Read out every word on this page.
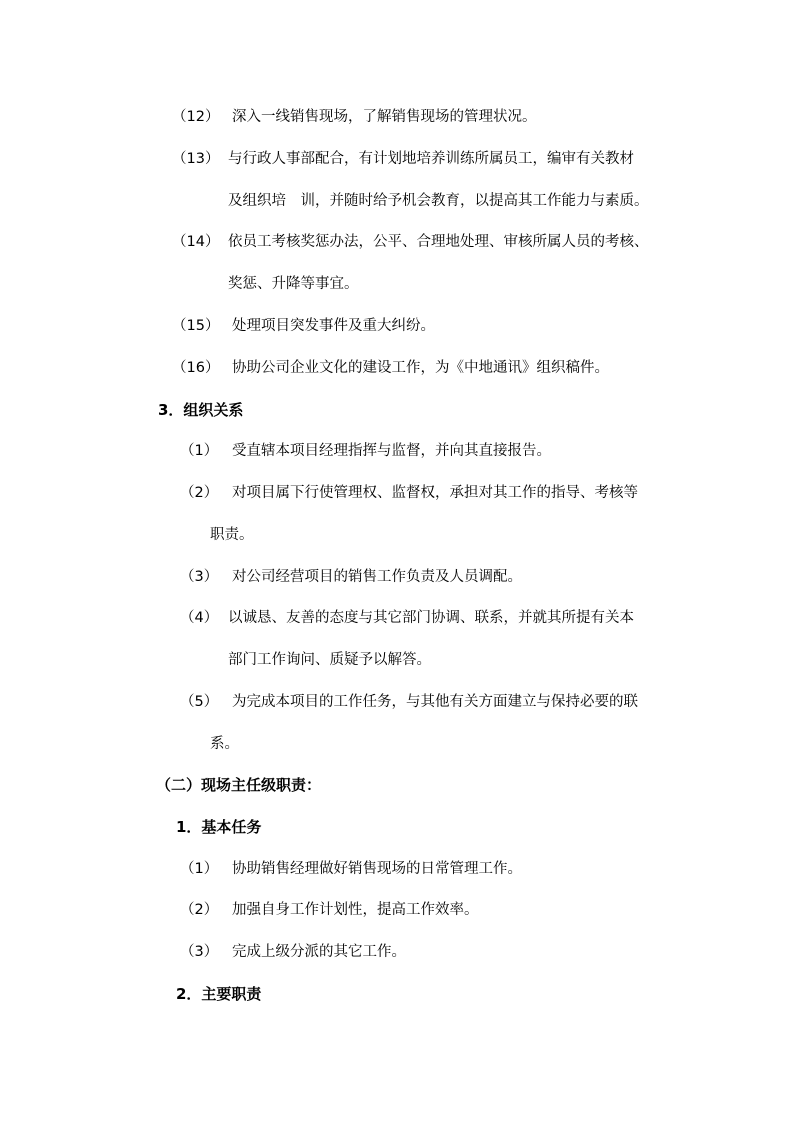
（12） 深入一线销售现场，了解销售现场的管理状况。
（13） 与行政人事部配合，有计划地培养训练所属员工，编审有关教材
及组织培　训，并随时给予机会教育，以提高其工作能力与素质。
（14） 依员工考核奖惩办法，公平、合理地处理、审核所属人员的考核、
奖惩、升降等事宜。
（15） 处理项目突发事件及重大纠纷。
（16） 协助公司企业文化的建设工作，为《中地通讯》组织稿件。
3．组织关系
（1） 受直辖本项目经理指挥与监督，并向其直接报告。
（2） 对项目属下行使管理权、监督权，承担对其工作的指导、考核等
职责。
（3） 对公司经营项目的销售工作负责及人员调配。
（4） 以诚恳、友善的态度与其它部门协调、联系，并就其所提有关本
部门工作询问、质疑予以解答。
（5） 为完成本项目的工作任务，与其他有关方面建立与保持必要的联
系。
（二）现场主任级职责：
1．基本任务
（1） 协助销售经理做好销售现场的日常管理工作。
（2） 加强自身工作计划性，提高工作效率。
（3） 完成上级分派的其它工作。
2．主要职责
